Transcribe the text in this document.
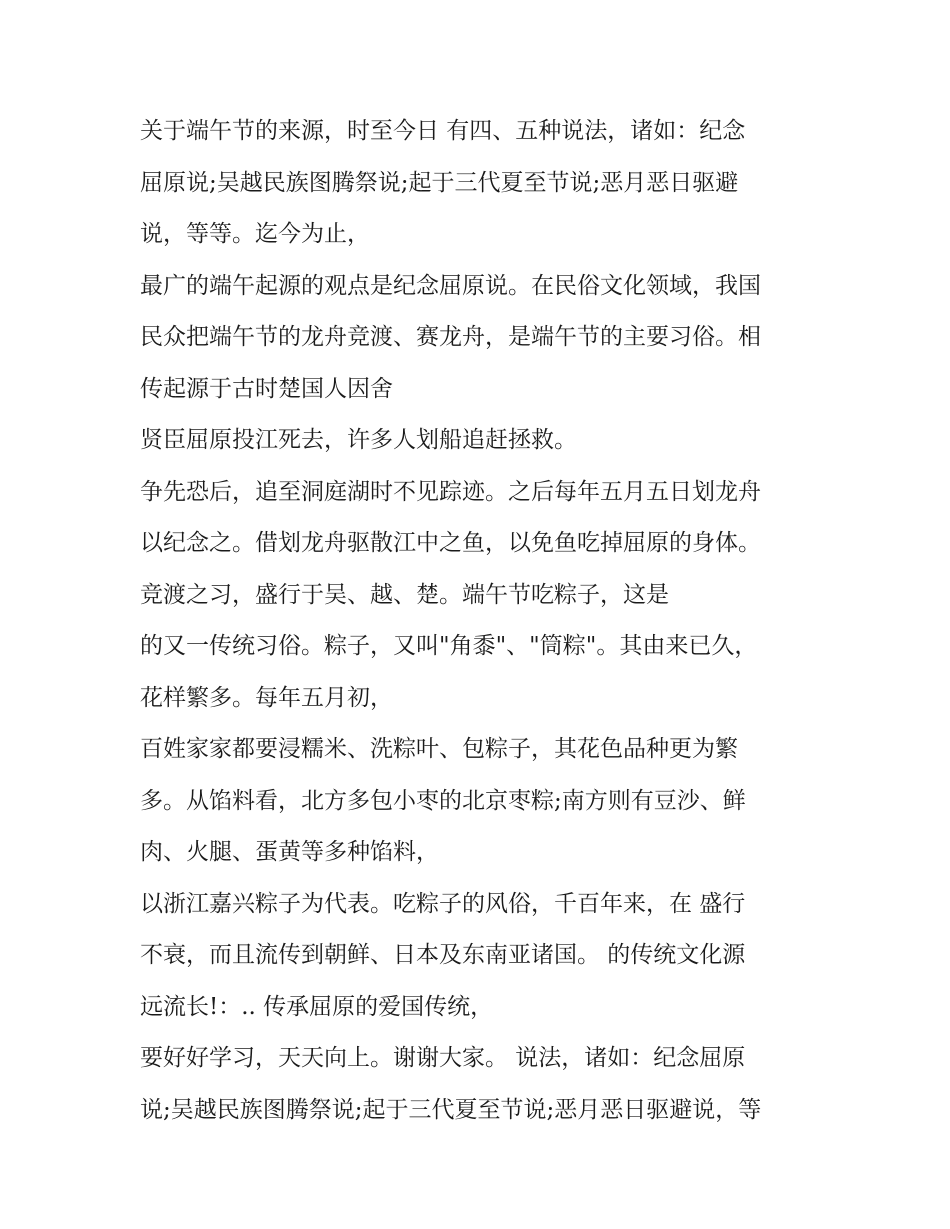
关于端午节的来源，时至今日 有四、五种说法，诸如：纪念
屈原说;吴越民族图腾祭说;起于三代夏至节说;恶月恶日驱避
说，等等。迄今为止，
最广的端午起源的观点是纪念屈原说。在民俗文化领域，我国
民众把端午节的龙舟竞渡、赛龙舟，是端午节的主要习俗。相
传起源于古时楚国人因舍
贤臣屈原投江死去，许多人划船追赶拯救。
争先恐后，追至洞庭湖时不见踪迹。之后每年五月五日划龙舟
以纪念之。借划龙舟驱散江中之鱼，以免鱼吃掉屈原的身体。
竞渡之习，盛行于吴、越、楚。端午节吃粽子，这是
的又一传统习俗。粽子，又叫"角黍"、"筒粽"。其由来已久，
花样繁多。每年五月初，
百姓家家都要浸糯米、洗粽叶、包粽子，其花色品种更为繁
多。从馅料看，北方多包小枣的北京枣粽;南方则有豆沙、鲜
肉、火腿、蛋黄等多种馅料，
以浙江嘉兴粽子为代表。吃粽子的风俗，千百年来，在 盛行
不衰，而且流传到朝鲜、日本及东南亚诸国。 的传统文化源
远流长!：.. 传承屈原的爱国传统，
要好好学习，天天向上。谢谢大家。 说法，诸如：纪念屈原
说;吴越民族图腾祭说;起于三代夏至节说;恶月恶日驱避说，等
